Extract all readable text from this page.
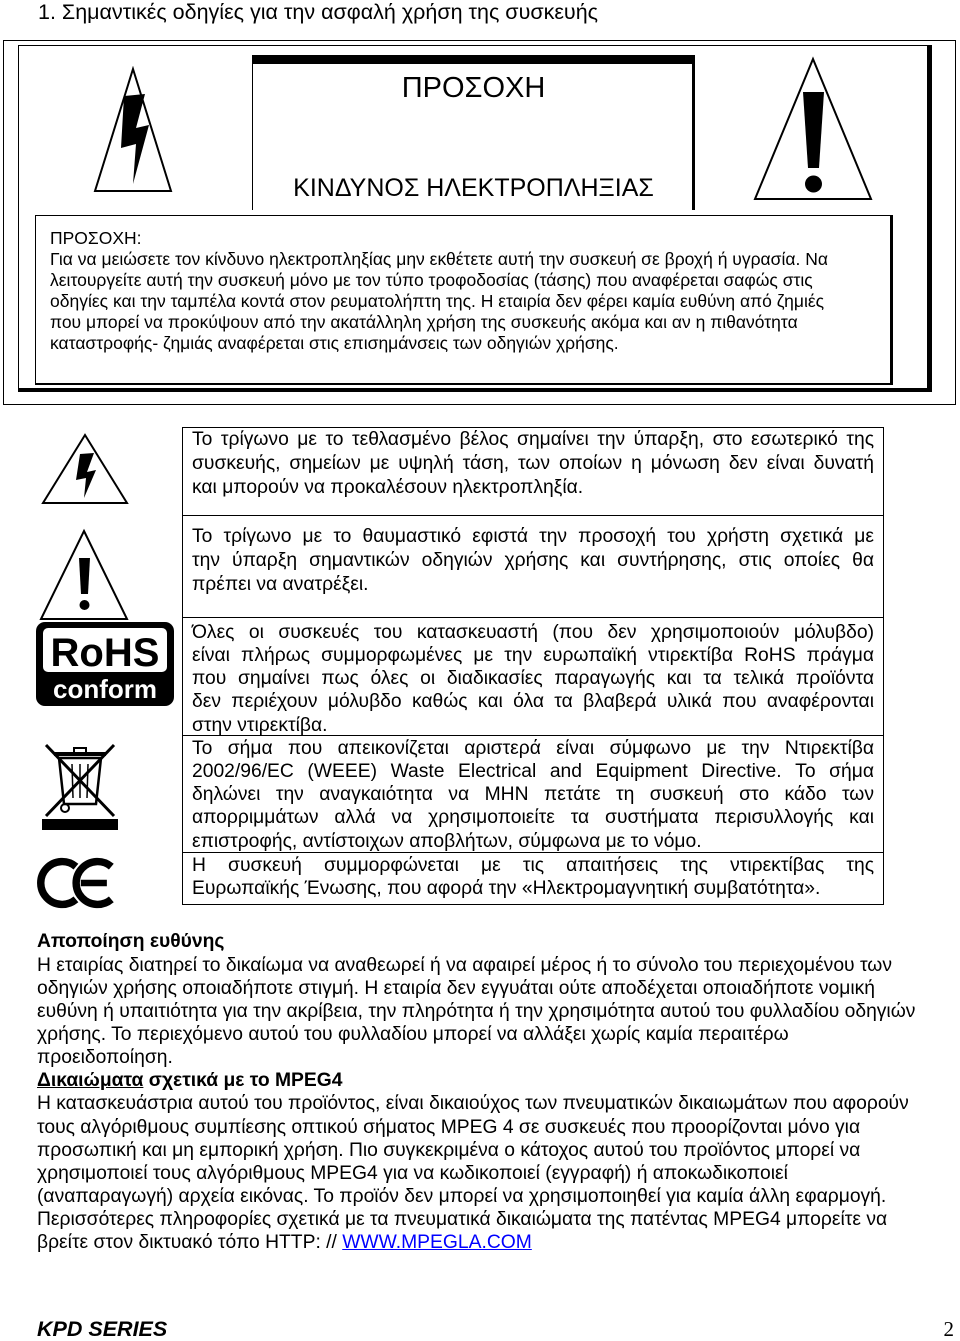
1. Σημαντικές οδηγίες για την ασφαλή χρήση της συσκευής
ΠΡΟΣΟΧΗ
ΚΙΝΔΥΝΟΣ ΗΛΕΚΤΡΟΠΛΗΞΙΑΣ
ΠΡΟΣΟΧΗ:
Για να μειώσετε τον κίνδυνο ηλεκτροπληξίας μην εκθέτετε αυτή την συσκευή σε βροχή ή υγρασία. Να
λειτουργείτε αυτή την συσκευή μόνο με τον τύπο τροφοδοσίας (τάσης) που αναφέρεται σαφώς στις
οδηγίες και την ταμπέλα κοντά στον ρευματολήπτη της. Η εταιρία δεν φέρει καμία ευθύνη από ζημιές
που μπορεί να προκύψουν από την ακατάλληλη χρήση της συσκευής ακόμα και αν η πιθανότητα
καταστροφής- ζημιάς αναφέρεται στις επισημάνσεις των οδηγιών χρήσης.
Το τρίγωνο με το τεθλασμένο βέλος σημαίνει την ύπαρξη, στο εσωτερικό της
συσκευής, σημείων με υψηλή τάση, των οποίων η μόνωση δεν είναι δυνατή
και μπορούν να προκαλέσουν ηλεκτροπληξία.
Το τρίγωνο με το θαυμαστικό εφιστά την προσοχή του χρήστη σχετικά με
την ύπαρξη σημαντικών οδηγιών χρήσης και συντήρησης, στις οποίες θα
πρέπει να ανατρέξει.
RoHS
conform
Όλες οι συσκευές του κατασκευαστή (που δεν χρησιμοποιούν μόλυβδο)
είναι πλήρως συμμορφωμένες με την ευρωπαϊκή ντιρεκτίβα RoHS πράγμα
που σημαίνει πως όλες οι διαδικασίες παραγωγής και τα τελικά προϊόντα
δεν περιέχουν μόλυβδο καθώς και όλα τα βλαβερά υλικά που αναφέρονται
στην ντιρεκτίβα.
Το σήμα που απεικονίζεται αριστερά είναι σύμφωνο με την Ντιρεκτίβα
2002/96/EC (WEEE) Waste Electrical and Equipment Directive. Το σήμα
δηλώνει την αναγκαιότητα να ΜΗΝ πετάτε τη συσκευή στο κάδο των
απορριμμάτων αλλά να χρησιμοποιείτε τα συστήματα περισυλλογής και
επιστροφής, αντίστοιχων αποβλήτων, σύμφωνα με το νόμο.
Η συσκευή συμμορφώνεται με τις απαιτήσεις της ντιρεκτίβας της
Ευρωπαϊκής Ένωσης, που αφορά την «Ηλεκτρομαγνητική συμβατότητα».
Αποποίηση ευθύνης
Η εταιρίας διατηρεί το δικαίωμα να αναθεωρεί ή να αφαιρεί μέρος ή το σύνολο του περιεχομένου των
οδηγιών χρήσης οποιαδήποτε στιγμή. Η εταιρία δεν εγγυάται ούτε αποδέχεται οποιαδήποτε νομική
ευθύνη ή υπαιτιότητα για την ακρίβεια, την πληρότητα ή την χρησιμότητα αυτού του φυλλαδίου οδηγιών
χρήσης. Το περιεχόμενο αυτού του φυλλαδίου μπορεί να αλλάξει χωρίς καμία περαιτέρω
προειδοποίηση.
Δικαιώματα σχετικά με το MPEG4
Η κατασκευάστρια αυτού του προϊόντος, είναι δικαιούχος των πνευματικών δικαιωμάτων που αφορούν
τους αλγόριθμους συμπίεσης οπτικού σήματος MPEG 4 σε συσκευές που προορίζονται μόνο για
προσωπική και μη εμπορική χρήση. Πιο συγκεκριμένα ο κάτοχος αυτού του προϊόντος μπορεί να
χρησιμοποιεί τους αλγόριθμους MPEG4 για να κωδικοποιεί (εγγραφή) ή αποκωδικοποιεί
(αναπαραγωγή) αρχεία εικόνας. Το προϊόν δεν μπορεί να χρησιμοποιηθεί για καμία άλλη εφαρμογή.
Περισσότερες πληροφορίες σχετικά με τα πνευματικά δικαιώματα της πατέντας MPEG4 μπορείτε να
βρείτε στον δικτυακό τόπο HTTP: // WWW.MPEGLA.COM
KPD SERIES	2
